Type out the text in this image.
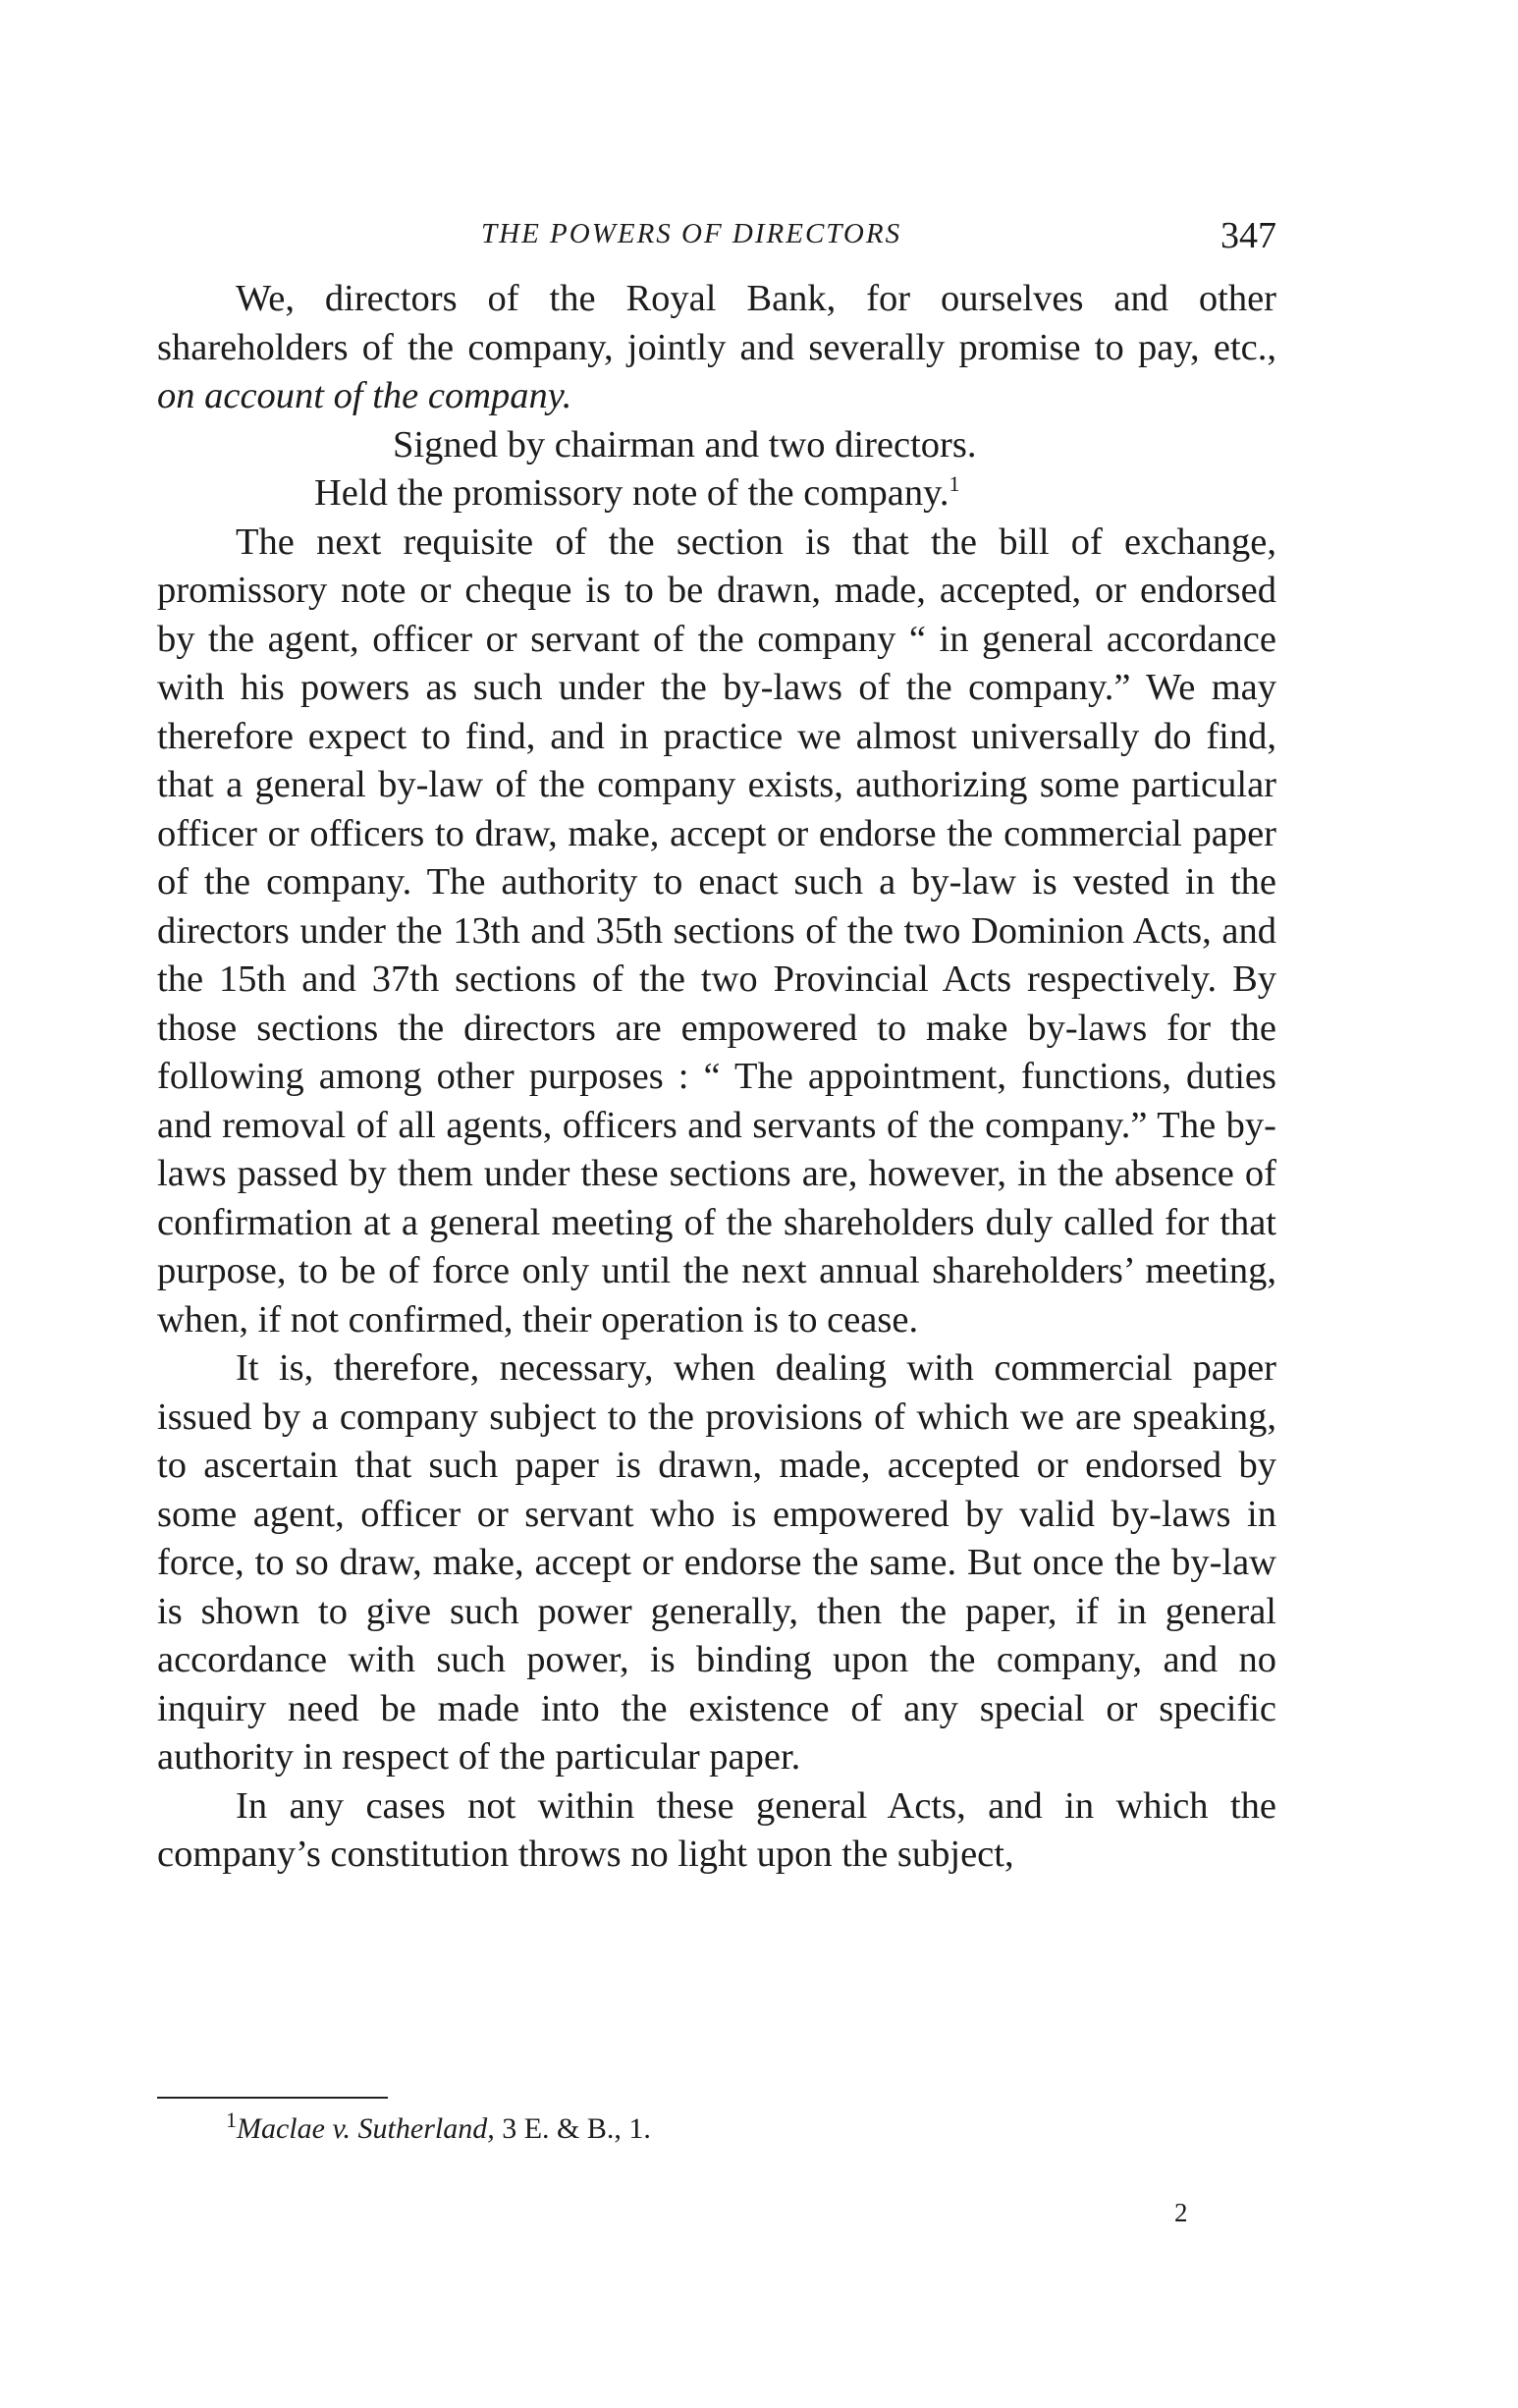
THE POWERS OF DIRECTORS	347

We, directors of the Royal Bank, for ourselves and other shareholders of the company, jointly and severally promise to pay, etc., on account of the company.

Signed by chairman and two directors.

Held the promissory note of the company.$^1$

The next requisite of the section is that the bill of exchange, promissory note or cheque is to be drawn, made, accepted, or endorsed by the agent, officer or servant of the company “ in general accordance with his powers as such under the by-laws of the company.” We may therefore expect to find, and in practice we almost universally do find, that a general by-law of the company exists, authorizing some particular officer or officers to draw, make, accept or endorse the commercial paper of the company. The authority to enact such a by-law is vested in the directors under the 13th and 35th sections of the two Dominion Acts, and the 15th and 37th sections of the two Provincial Acts respectively. By those sections the directors are empowered to make by-laws for the following among other purposes : “ The appointment, functions, duties and removal of all agents, officers and servants of the company.” The by-laws passed by them under these sections are, however, in the absence of confirmation at a general meeting of the shareholders duly called for that purpose, to be of force only until the next annual shareholders’ meeting, when, if not confirmed, their operation is to cease.

It is, therefore, necessary, when dealing with commercial paper issued by a company subject to the provisions of which we are speaking, to ascertain that such paper is drawn, made, accepted or endorsed by some agent, officer or servant who is empowered by valid by-laws in force, to so draw, make, accept or endorse the same. But once the by-law is shown to give such power generally, then the paper, if in general accordance with such power, is binding upon the company, and no inquiry need be made into the existence of any special or specific authority in respect of the particular paper.

In any cases not within these general Acts, and in which the company’s constitution throws no light upon the subject,

$^1$Maclae v. Sutherland, 3 E. & B., 1.
2
